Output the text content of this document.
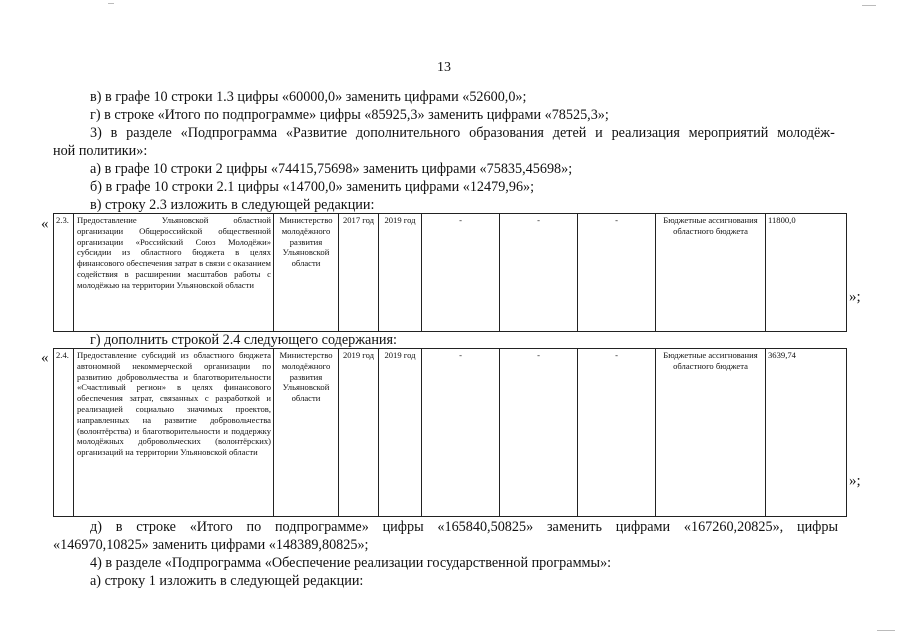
13
в) в графе 10 строки 1.3 цифры «60000,0» заменить цифрами «52600,0»;
г) в строке «Итого по подпрограмме» цифры «85925,3» заменить цифрами «78525,3»;
3) в разделе «Подпрограмма «Развитие дополнительного образования детей и реализация мероприятий молодёж-
ной политики»:
а) в графе 10 строки 2 цифры «74415,75698» заменить цифрами «75835,45698»;
б) в графе 10 строки 2.1 цифры «14700,0» заменить цифрами «12479,96»;
в) строку 2.3 изложить в следующей редакции:
« 2.3.	Предоставление Ульяновской областной организации Общероссийской общественной организации «Российский Союз Молодёжи» субсидии из областного бюджета в целях финансового обеспечения затрат в связи с оказанием содействия в расширении масштабов работы с молодёжью на территории Ульяновской области	Министерство молодёжного развития Ульяновской области	2017 год	2019 год	-	-	-	Бюджетные ассигнования областного бюджета	11800,0
»;
г) дополнить строкой 2.4 следующего содержания:
« 2.4.	Предоставление субсидий из областного бюджета автономной некоммерческой организации по развитию добровольчества и благотворительности «Счастливый регион» в целях финансового обеспечения затрат, связанных с разработкой и реализацией социально значимых проектов, направленных на развитие добровольчества (волонтёрства) и благотворительности и поддержку молодёжных добровольческих (волонтёрских) организаций на территории Ульяновской области	Министерство молодёжного развития Ульяновской области	2019 год	2019 год	-	-	-	Бюджетные ассигнования областного бюджета	3639,74
»;
д) в строке «Итого по подпрограмме» цифры «165840,50825» заменить цифрами «167260,20825», цифры
«146970,10825» заменить цифрами «148389,80825»;
4) в разделе «Подпрограмма «Обеспечение реализации государственной программы»:
а) строку 1 изложить в следующей редакции:
